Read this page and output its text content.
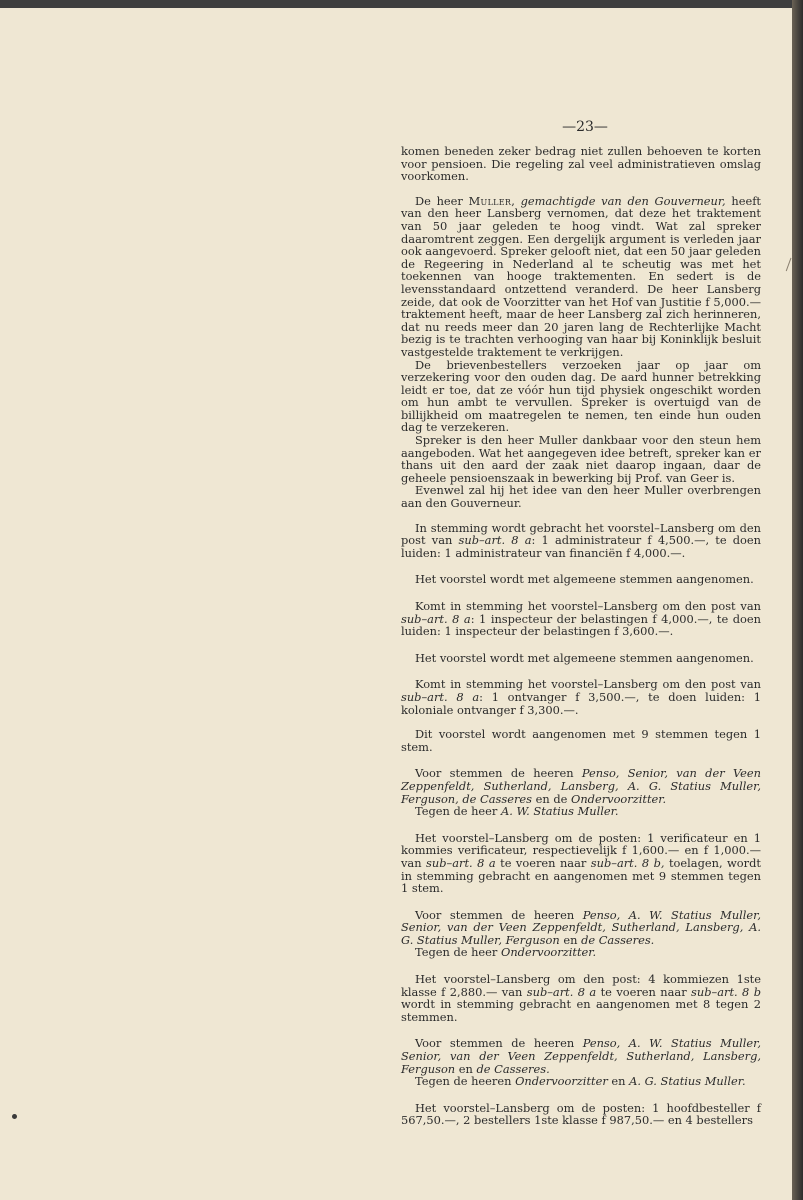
—23—

komen beneden zeker bedrag niet zullen behoeven te korten voor pensioen. Die regeling zal veel administratieven omslag voorkomen.

De heer Muller, gemachtigde van den Gouverneur, heeft van den heer Lansberg vernomen, dat deze het traktement van 50 jaar geleden te hoog vindt. Wat zal spreker daaromtrent zeggen. Een dergelijk argument is verleden jaar ook aangevoerd. Spreker gelooft niet, dat een 50 jaar geleden de Regeering in Nederland al te scheutig was met het toekennen van hooge traktementen. En sedert is de levensstandaard ontzettend veranderd. De heer Lansberg zeide, dat ook de Voorzitter van het Hof van Justitie f 5,000.— traktement heeft, maar de heer Lansberg zal zich herinneren, dat nu reeds meer dan 20 jaren lang de Rechterlijke Macht bezig is te trachten verhooging van haar bij Koninklijk besluit vastgestelde traktement te verkrijgen.

De brievenbestellers verzoeken jaar op jaar om verzekering voor den ouden dag. De aard hunner betrekking leidt er toe, dat ze vóór hun tijd physiek ongeschikt worden om hun ambt te vervullen. Spreker is overtuigd van de billijkheid om maatregelen te nemen, ten einde hun ouden dag te verzekeren.

Spreker is den heer Muller dankbaar voor den steun hem aangeboden. Wat het aangegeven idee betreft, spreker kan er thans uit den aard der zaak niet daarop ingaan, daar de geheele pensioenszaak in bewerking bij Prof. van Geer is.

Evenwel zal hij het idee van den heer Muller overbrengen aan den Gouverneur.

In stemming wordt gebracht het voorstel–Lansberg om den post van sub–art. 8 a: 1 administrateur f 4,500.—, te doen luiden: 1 administrateur van financiën f 4,000.—.

Het voorstel wordt met algemeene stemmen aangenomen.

Komt in stemming het voorstel–Lansberg om den post van sub–art. 8 a: 1 inspecteur der belastingen f 4,000.—, te doen luiden: 1 inspecteur der belastingen f 3,600.—.

Het voorstel wordt met algemeene stemmen aangenomen.

Komt in stemming het voorstel–Lansberg om den post van sub–art. 8 a: 1 ontvanger f 3,500.—, te doen luiden: 1 koloniale ontvanger f 3,300.—.

Dit voorstel wordt aangenomen met 9 stemmen tegen 1 stem.

Voor stemmen de heeren Penso, Senior, van der Veen Zeppenfeldt, Sutherland, Lansberg, A. G. Statius Muller, Ferguson, de Casseres en de Ondervoorzitter.

Tegen de heer A. W. Statius Muller.

Het voorstel–Lansberg om de posten: 1 verificateur en 1 kommies verificateur, respectievelijk f 1,600.— en f 1,000.— van sub–art. 8 a te voeren naar sub–art. 8 b, toelagen, wordt in stemming gebracht en aangenomen met 9 stemmen tegen 1 stem.

Voor stemmen de heeren Penso, A. W. Statius Muller, Senior, van der Veen Zeppenfeldt, Sutherland, Lansberg, A. G. Statius Muller, Ferguson en de Casseres.

Tegen de heer Ondervoorzitter.

Het voorstel–Lansberg om den post: 4 kommiezen 1ste klasse f 2,880.— van sub–art. 8 a te voeren naar sub–art. 8 b wordt in stemming gebracht en aangenomen met 8 tegen 2 stemmen.

Voor stemmen de heeren Penso, A. W. Statius Muller, Senior, van der Veen Zeppenfeldt, Sutherland, Lansberg, Ferguson en de Casseres.

Tegen de heeren Ondervoorzitter en A. G. Statius Muller.

Het voorstel–Lansberg om de posten: 1 hoofdbesteller f 567,50.—, 2 bestellers 1ste klasse f 987,50.— en 4 bestellers
